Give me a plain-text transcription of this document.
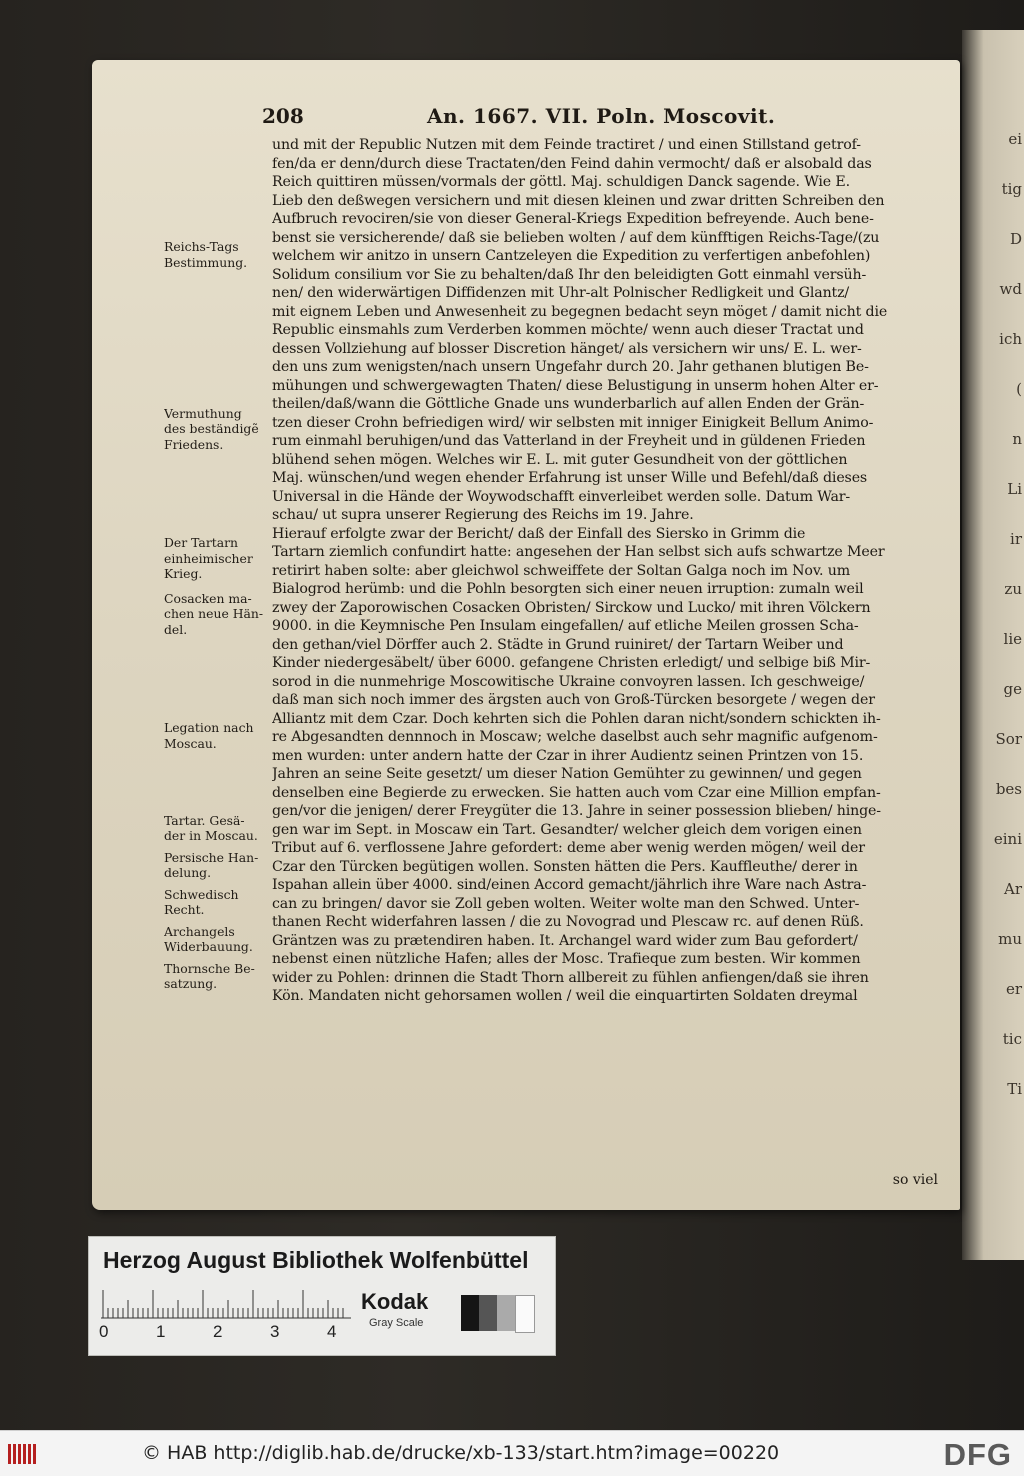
ei
tig
D
wd
ich
(
n
Li
ir
zu
lie
ge
Sor
bes
eini
Ar
mu
er
tic
Ti
208	An. 1667. VII. Poln. Moscovit.
und mit der Republic Nutzen mit dem Feinde tractiret / und einen Stillstand getrof-
fen/da er denn/durch diese Tractaten/den Feind dahin vermocht/ daß er alsobald das
Reich quittiren müssen/vormals der göttl. Maj. schuldigen Danck sagende. Wie E.
Lieb den deßwegen versichern und mit diesen kleinen und zwar dritten Schreiben den
Aufbruch revociren/sie von dieser General-Kriegs Expedition befreyende. Auch bene-
benst sie versicherende/ daß sie belieben wolten / auf dem künfftigen Reichs-Tage/(zu
welchem wir anitzo in unsern Cantzeleyen die Expedition zu verfertigen anbefohlen)
Solidum consilium vor Sie zu behalten/daß Ihr den beleidigten Gott einmahl versüh-
nen/ den widerwärtigen Diffidenzen mit Uhr-alt Polnischer Redligkeit und Glantz/
mit eignem Leben und Anwesenheit zu begegnen bedacht seyn möget / damit nicht die
Republic einsmahls zum Verderben kommen möchte/ wenn auch dieser Tractat und
dessen Vollziehung auf blosser Discretion hänget/ als versichern wir uns/ E. L. wer-
den uns zum wenigsten/nach unsern Ungefahr durch 20. Jahr gethanen blutigen Be-
mühungen und schwergewagten Thaten/ diese Belustigung in unserm hohen Alter er-
theilen/daß/wann die Göttliche Gnade uns wunderbarlich auf allen Enden der Grän-
tzen dieser Crohn befriedigen wird/ wir selbsten mit inniger Einigkeit Bellum Animo-
rum einmahl beruhigen/und das Vatterland in der Freyheit und in güldenen Frieden
blühend sehen mögen. Welches wir E. L. mit guter Gesundheit von der göttlichen
Maj. wünschen/und wegen ehender Erfahrung ist unser Wille und Befehl/daß dieses
Universal in die Hände der Woywodschafft einverleibet werden solle. Datum War-
schau/ ut supra unserer Regierung des Reichs im 19. Jahre.
Hierauf erfolgte zwar der Bericht/ daß der Einfall des Siersko in Grimm die
Tartarn ziemlich confundirt hatte: angesehen der Han selbst sich aufs schwartze Meer
retirirt haben solte: aber gleichwol schweiffete der Soltan Galga noch im Nov. um
Bialogrod herümb: und die Pohln besorgten sich einer neuen irruption: zumaln weil
zwey der Zaporowischen Cosacken Obristen/ Sirckow und Lucko/ mit ihren Völckern
9000. in die Keymnische Pen Insulam eingefallen/ auf etliche Meilen grossen Scha-
den gethan/viel Dörffer auch 2. Städte in Grund ruiniret/ der Tartarn Weiber und
Kinder niedergesäbelt/ über 6000. gefangene Christen erledigt/ und selbige biß Mir-
sorod in die nunmehrige Moscowitische Ukraine convoyren lassen. Ich geschweige/
daß man sich noch immer des ärgsten auch von Groß-Türcken besorgete / wegen der
Alliantz mit dem Czar. Doch kehrten sich die Pohlen daran nicht/sondern schickten ih-
re Abgesandten dennnoch in Moscaw; welche daselbst auch sehr magnific aufgenom-
men wurden: unter andern hatte der Czar in ihrer Audientz seinen Printzen von 15.
Jahren an seine Seite gesetzt/ um dieser Nation Gemühter zu gewinnen/ und gegen
denselben eine Begierde zu erwecken. Sie hatten auch vom Czar eine Million empfan-
gen/vor die jenigen/ derer Freygüter die 13. Jahre in seiner possession blieben/ hinge-
gen war im Sept. in Moscaw ein Tart. Gesandter/ welcher gleich dem vorigen einen
Tribut auf 6. verflossene Jahre gefordert: deme aber wenig werden mögen/ weil der
Czar den Türcken begütigen wollen. Sonsten hätten die Pers. Kauffleuthe/ derer in
Ispahan allein über 4000. sind/einen Accord gemacht/jährlich ihre Ware nach Astra-
can zu bringen/ davor sie Zoll geben wolten. Weiter wolte man den Schwed. Unter-
thanen Recht widerfahren lassen / die zu Novograd und Plescaw rc. auf denen Rüß.
Gräntzen was zu prætendiren haben. It. Archangel ward wider zum Bau gefordert/
nebenst einen nützliche Hafen; alles der Mosc. Trafieque zum besten. Wir kommen
wider zu Pohlen: drinnen die Stadt Thorn allbereit zu fühlen anfiengen/daß sie ihren
Kön. Mandaten nicht gehorsamen wollen / weil die einquartirten Soldaten dreymal
Reichs-Tags
Bestimmung.
Vermuthung
des beständigẽ
Friedens.
Der Tartarn
einheimischer
Krieg.
Cosacken ma-
chen neue Hän-
del.
Legation nach
Moscau.
Tartar. Gesä-
der in Moscau.
Persische Han-
delung.
Schwedisch
Recht.
Archangels
Widerbauung.
Thornsche Be-
satzung.
so viel
Herzog August Bibliothek Wolfenbüttel
0	1	2	3	4
Kodak
Gray Scale
© HAB http://diglib.hab.de/drucke/xb-133/start.htm?image=00220	DFG
